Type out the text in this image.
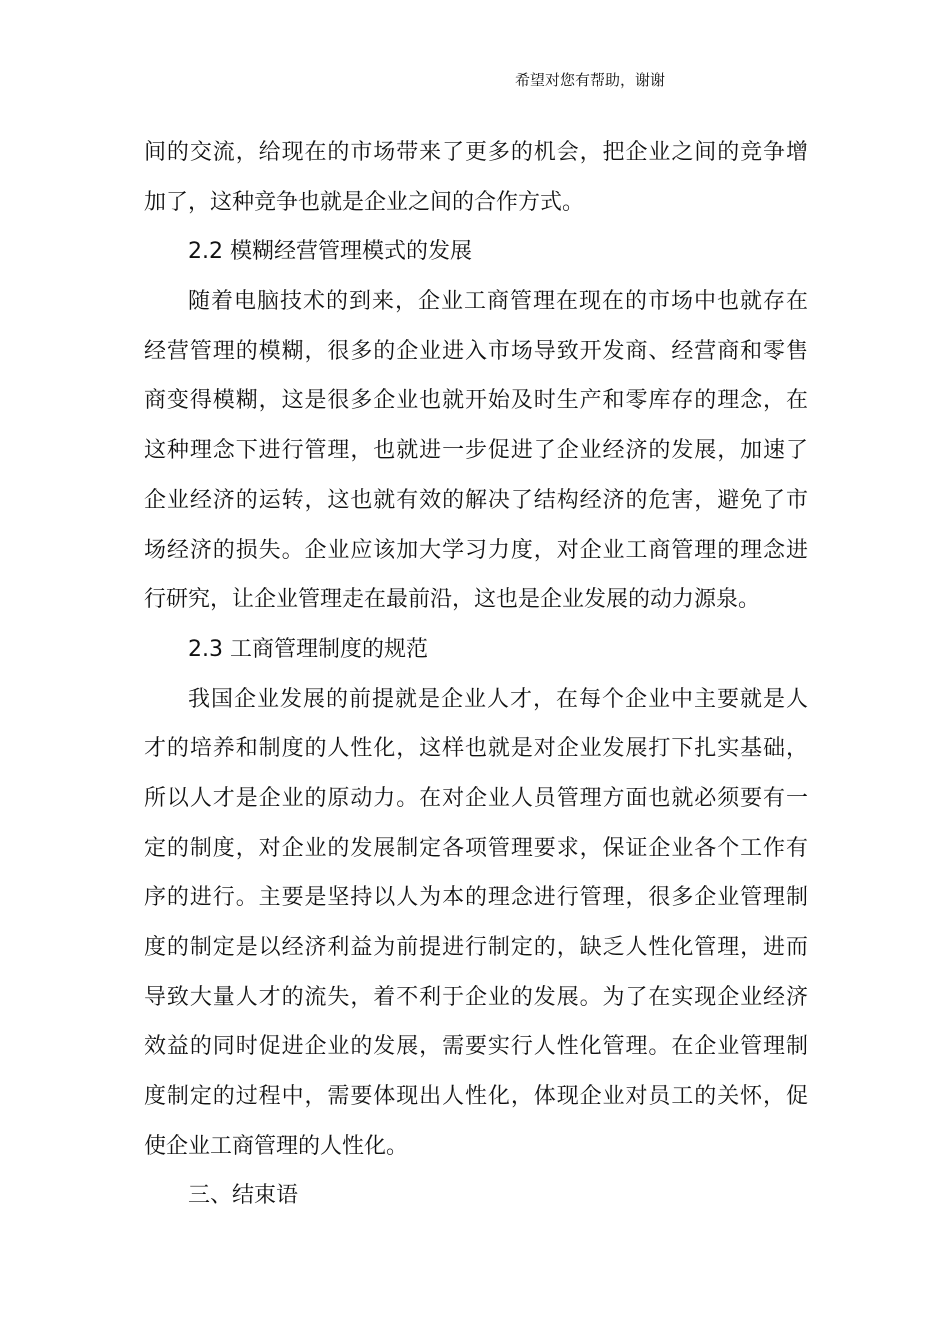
希望对您有帮助，谢谢
间的交流，给现在的市场带来了更多的机会，把企业之间的竞争增
加了，这种竞争也就是企业之间的合作方式。
2.2 模糊经营管理模式的发展
随着电脑技术的到来，企业工商管理在现在的市场中也就存在
经营管理的模糊，很多的企业进入市场导致开发商、经营商和零售
商变得模糊，这是很多企业也就开始及时生产和零库存的理念，在
这种理念下进行管理，也就进一步促进了企业经济的发展，加速了
企业经济的运转，这也就有效的解决了结构经济的危害，避免了市
场经济的损失。企业应该加大学习力度，对企业工商管理的理念进
行研究，让企业管理走在最前沿，这也是企业发展的动力源泉。
2.3 工商管理制度的规范
我国企业发展的前提就是企业人才，在每个企业中主要就是人
才的培养和制度的人性化，这样也就是对企业发展打下扎实基础，
所以人才是企业的原动力。在对企业人员管理方面也就必须要有一
定的制度，对企业的发展制定各项管理要求，保证企业各个工作有
序的进行。主要是坚持以人为本的理念进行管理，很多企业管理制
度的制定是以经济利益为前提进行制定的，缺乏人性化管理，进而
导致大量人才的流失，着不利于企业的发展。为了在实现企业经济
效益的同时促进企业的发展，需要实行人性化管理。在企业管理制
度制定的过程中，需要体现出人性化，体现企业对员工的关怀，促
使企业工商管理的人性化。
三、结束语
